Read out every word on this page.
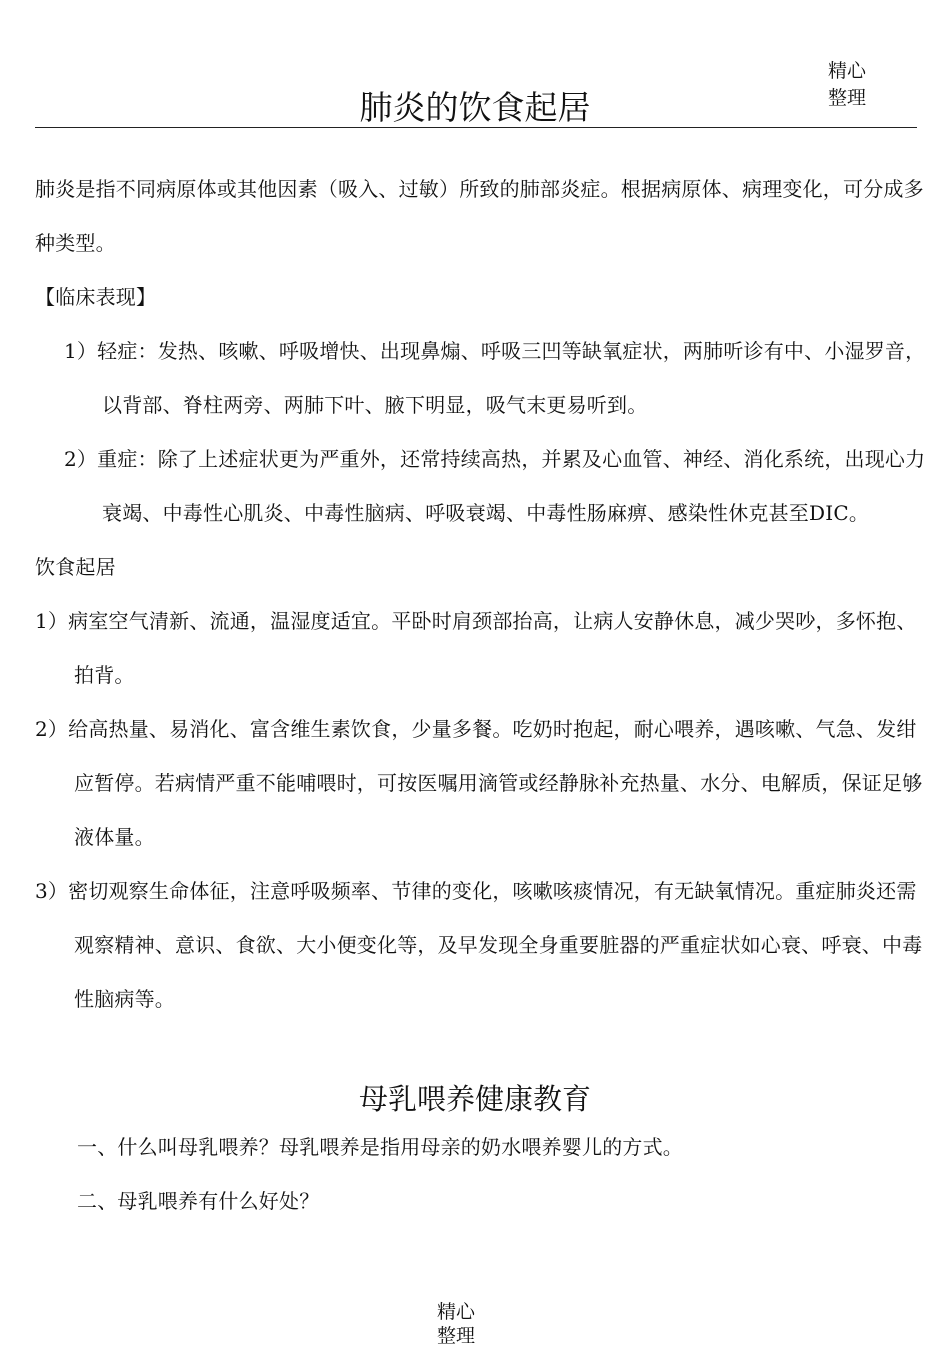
精心
整理
肺炎的饮食起居

肺炎是指不同病原体或其他因素（吸入、过敏）所致的肺部炎症。根据病原体、病理变化，可分成多种类型。

【临床表现】

1）轻症：发热、咳嗽、呼吸增快、出现鼻煽、呼吸三凹等缺氧症状，两肺听诊有中、小湿罗音，以背部、脊柱两旁、两肺下叶、腋下明显，吸气末更易听到。

2）重症：除了上述症状更为严重外，还常持续高热，并累及心血管、神经、消化系统，出现心力衰竭、中毒性心肌炎、中毒性脑病、呼吸衰竭、中毒性肠麻痹、感染性休克甚至DIC。

饮食起居

1）病室空气清新、流通，温湿度适宜。平卧时肩颈部抬高，让病人安静休息，减少哭吵，多怀抱、拍背。

2）给高热量、易消化、富含维生素饮食，少量多餐。吃奶时抱起，耐心喂养，遇咳嗽、气急、发绀应暂停。若病情严重不能哺喂时，可按医嘱用滴管或经静脉补充热量、水分、电解质，保证足够液体量。

3）密切观察生命体征，注意呼吸频率、节律的变化，咳嗽咳痰情况，有无缺氧情况。重症肺炎还需观察精神、意识、食欲、大小便变化等，及早发现全身重要脏器的严重症状如心衰、呼衰、中毒性脑病等。

母乳喂养健康教育

一、什么叫母乳喂养？母乳喂养是指用母亲的奶水喂养婴儿的方式。

二、母乳喂养有什么好处？

精心
整理
